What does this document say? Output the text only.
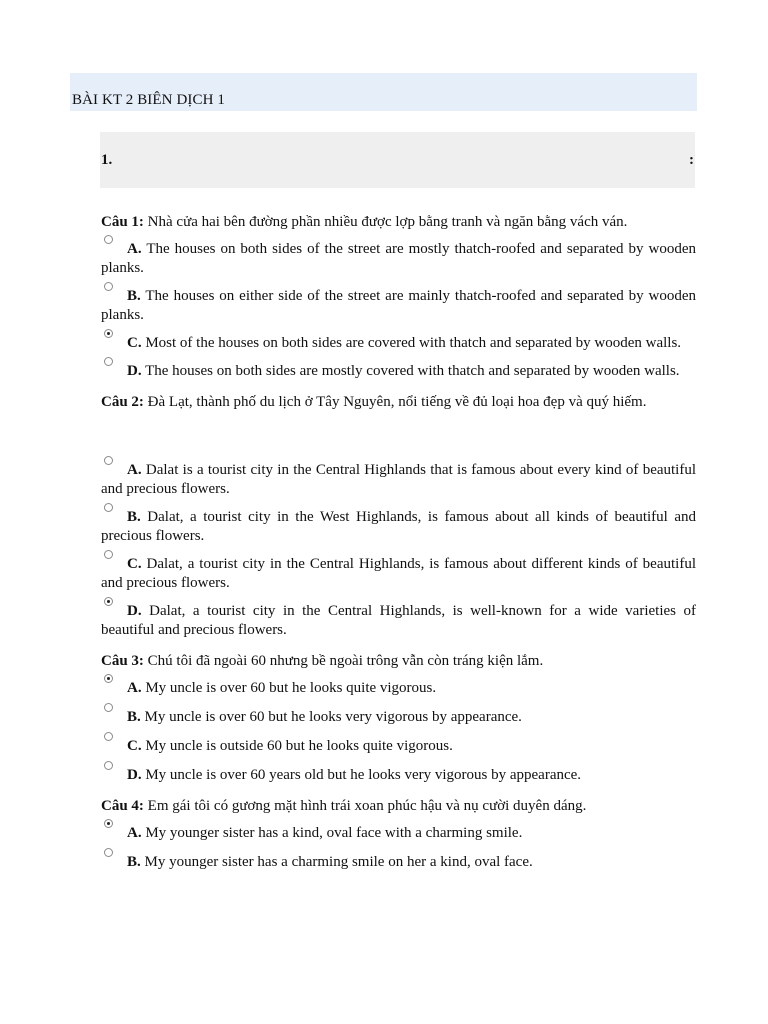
BÀI KT 2 BIÊN DỊCH 1
1.	:

Câu 1: Nhà cửa hai bên đường phần nhiều được lợp bằng tranh và ngăn bằng vách ván.

A. The houses on both sides of the street are mostly thatch-roofed and separated by wooden planks.

B. The houses on either side of the street are mainly thatch-roofed and separated by wooden planks.

C. Most of the houses on both sides are covered with thatch and separated by wooden walls.

D. The houses on both sides are mostly covered with thatch and separated by wooden walls.

Câu 2: Đà Lạt, thành phố du lịch ở Tây Nguyên, nổi tiếng về đủ loại hoa đẹp và quý hiếm.

A. Dalat is a tourist city in the Central Highlands that is famous about every kind of beautiful and precious flowers.

B. Dalat, a tourist city in the West Highlands, is famous about all kinds of beautiful and precious flowers.

C. Dalat, a tourist city in the Central Highlands, is famous about different kinds of beautiful and precious flowers.

D. Dalat, a tourist city in the Central Highlands, is well-known for a wide varieties of beautiful and precious flowers.

Câu 3: Chú tôi đã ngoài 60 nhưng bề ngoài trông vẫn còn tráng kiện lắm.

A. My uncle is over 60 but he looks quite vigorous.

B. My uncle is over 60 but he looks very vigorous by appearance.

C. My uncle is outside 60 but he looks quite vigorous.

D. My uncle is over 60 years old but he looks very vigorous by appearance.

Câu 4: Em gái tôi có gương mặt hình trái xoan phúc hậu và nụ cười duyên dáng.

A. My younger sister has a kind, oval face with a charming smile.

B. My younger sister has a charming smile on her a kind, oval face.
